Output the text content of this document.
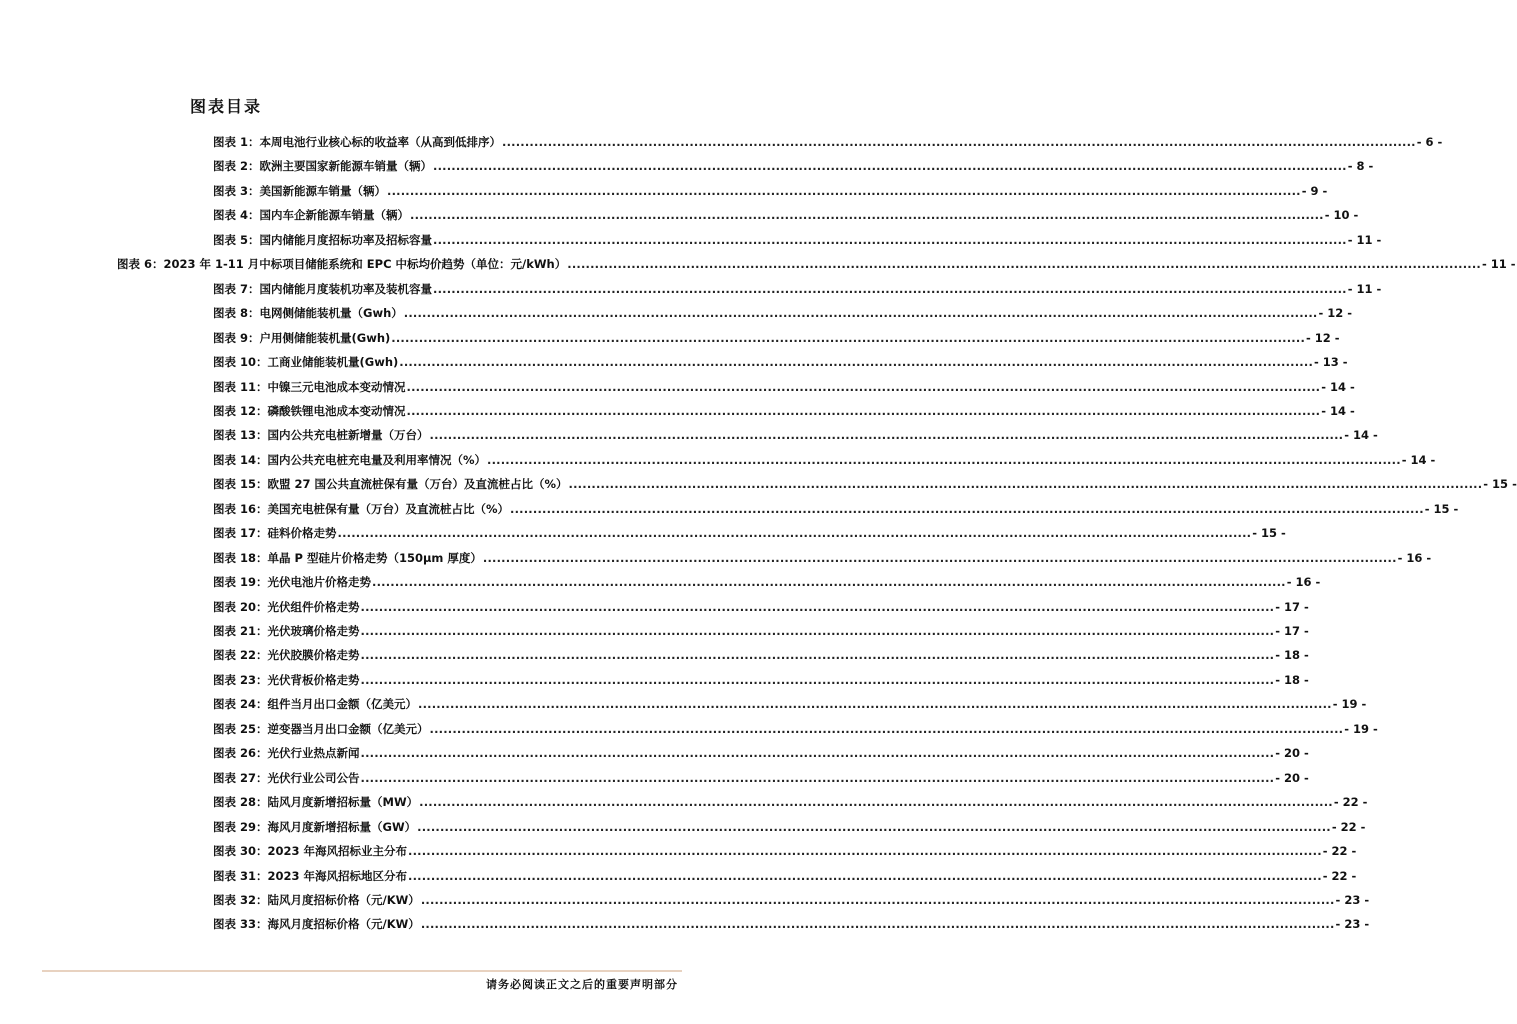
图表目录
图表 1：本周电池行业核心标的收益率（从高到低排序） ........................................................................................................................................................................................................ - 6 -
图表 2：欧洲主要国家新能源车销量（辆） ........................................................................................................................................................................................................ - 8 -
图表 3：美国新能源车销量（辆） ........................................................................................................................................................................................................ - 9 -
图表 4：国内车企新能源车销量（辆） ........................................................................................................................................................................................................ - 10 -
图表 5：国内储能月度招标功率及招标容量 ........................................................................................................................................................................................................ - 11 -
图表 6：2023 年 1-11 月中标项目储能系统和 EPC 中标均价趋势（单位：元/kWh） ........................................................................................................................................................................................................ - 11 -
图表 7：国内储能月度装机功率及装机容量 ........................................................................................................................................................................................................ - 11 -
图表 8：电网侧储能装机量（Gwh） ........................................................................................................................................................................................................ - 12 -
图表 9：户用侧储能装机量(Gwh) ........................................................................................................................................................................................................ - 12 -
图表 10：工商业储能装机量(Gwh) ........................................................................................................................................................................................................ - 13 -
图表 11：中镍三元电池成本变动情况 ........................................................................................................................................................................................................ - 14 -
图表 12：磷酸铁锂电池成本变动情况 ........................................................................................................................................................................................................ - 14 -
图表 13：国内公共充电桩新增量（万台） ........................................................................................................................................................................................................ - 14 -
图表 14：国内公共充电桩充电量及利用率情况（%） ........................................................................................................................................................................................................ - 14 -
图表 15：欧盟 27 国公共直流桩保有量（万台）及直流桩占比（%） ........................................................................................................................................................................................................ - 15 -
图表 16：美国充电桩保有量（万台）及直流桩占比（%） ........................................................................................................................................................................................................ - 15 -
图表 17：硅料价格走势 ........................................................................................................................................................................................................ - 15 -
图表 18：单晶 P 型硅片价格走势（150μm 厚度） ........................................................................................................................................................................................................ - 16 -
图表 19：光伏电池片价格走势 ........................................................................................................................................................................................................ - 16 -
图表 20：光伏组件价格走势 ........................................................................................................................................................................................................ - 17 -
图表 21：光伏玻璃价格走势 ........................................................................................................................................................................................................ - 17 -
图表 22：光伏胶膜价格走势 ........................................................................................................................................................................................................ - 18 -
图表 23：光伏背板价格走势 ........................................................................................................................................................................................................ - 18 -
图表 24：组件当月出口金额（亿美元） ........................................................................................................................................................................................................ - 19 -
图表 25：逆变器当月出口金额（亿美元） ........................................................................................................................................................................................................ - 19 -
图表 26：光伏行业热点新闻 ........................................................................................................................................................................................................ - 20 -
图表 27：光伏行业公司公告 ........................................................................................................................................................................................................ - 20 -
图表 28：陆风月度新增招标量（MW） ........................................................................................................................................................................................................ - 22 -
图表 29：海风月度新增招标量（GW） ........................................................................................................................................................................................................ - 22 -
图表 30：2023 年海风招标业主分布 ........................................................................................................................................................................................................ - 22 -
图表 31：2023 年海风招标地区分布 ........................................................................................................................................................................................................ - 22 -
图表 32：陆风月度招标价格（元/KW） ........................................................................................................................................................................................................ - 23 -
图表 33：海风月度招标价格（元/KW） ........................................................................................................................................................................................................ - 23 -
请务必阅读正文之后的重要声明部分
